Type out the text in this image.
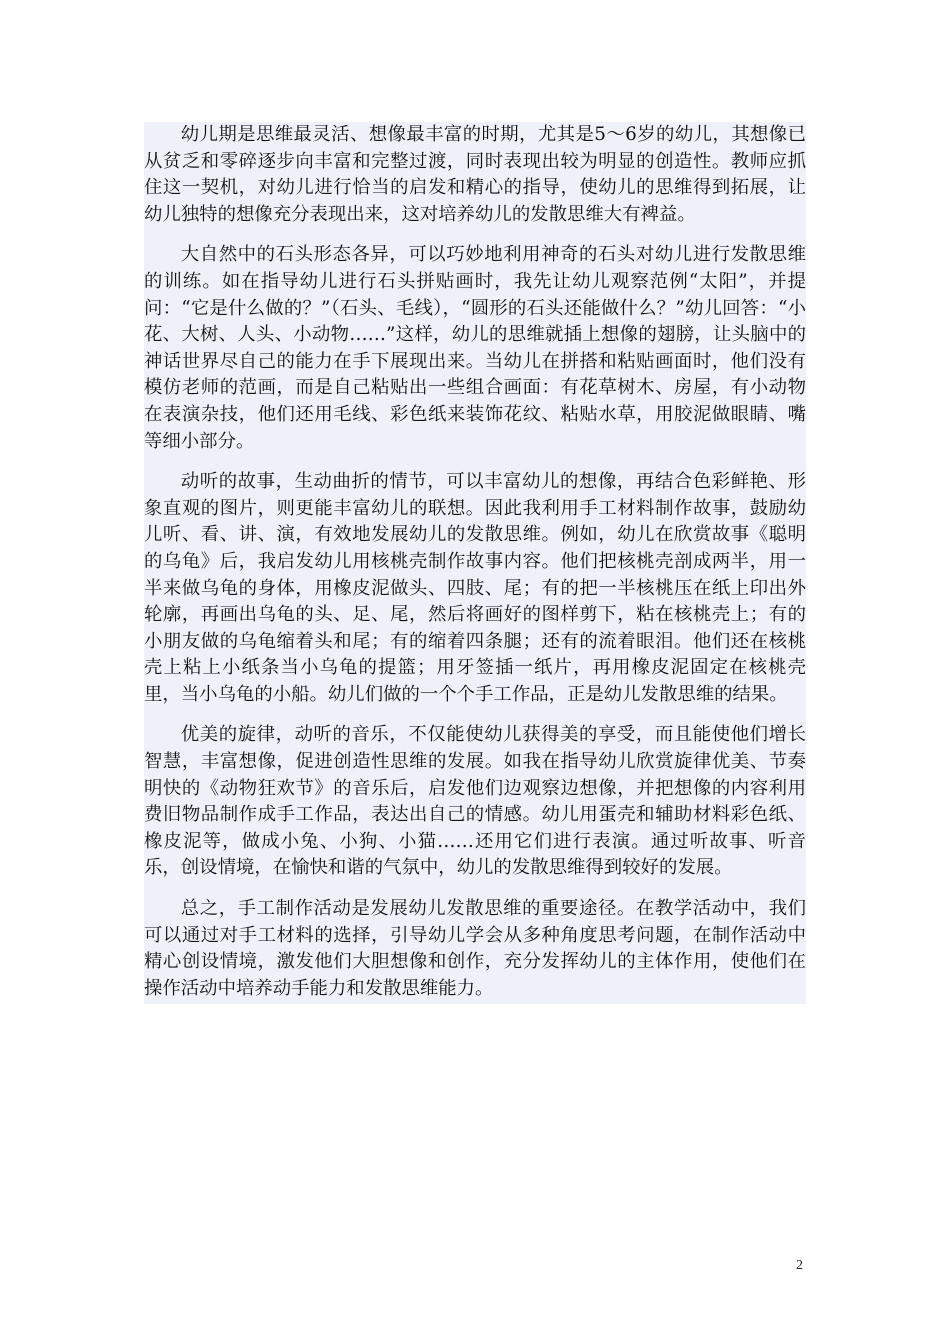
幼儿期是思维最灵活、想像最丰富的时期，尤其是5～6岁的幼儿，其想像已从贫乏和零碎逐步向丰富和完整过渡，同时表现出较为明显的创造性。教师应抓住这一契机，对幼儿进行恰当的启发和精心的指导，使幼儿的思维得到拓展，让幼儿独特的想像充分表现出来，这对培养幼儿的发散思维大有裨益。

大自然中的石头形态各异，可以巧妙地利用神奇的石头对幼儿进行发散思维的训练。如在指导幼儿进行石头拼贴画时，我先让幼儿观察范例“太阳”，并提问：“它是什么做的？”（石头、毛线），“圆形的石头还能做什么？”幼儿回答：“小花、大树、人头、小动物……”这样，幼儿的思维就插上想像的翅膀，让头脑中的神话世界尽自己的能力在手下展现出来。当幼儿在拼搭和粘贴画面时，他们没有模仿老师的范画，而是自己粘贴出一些组合画面：有花草树木、房屋，有小动物在表演杂技，他们还用毛线、彩色纸来装饰花纹、粘贴水草，用胶泥做眼睛、嘴等细小部分。

动听的故事，生动曲折的情节，可以丰富幼儿的想像，再结合色彩鲜艳、形象直观的图片，则更能丰富幼儿的联想。因此我利用手工材料制作故事，鼓励幼儿听、看、讲、演，有效地发展幼儿的发散思维。例如，幼儿在欣赏故事《聪明的乌龟》后，我启发幼儿用核桃壳制作故事内容。他们把核桃壳剖成两半，用一半来做乌龟的身体，用橡皮泥做头、四肢、尾；有的把一半核桃压在纸上印出外轮廓，再画出乌龟的头、足、尾，然后将画好的图样剪下，粘在核桃壳上；有的小朋友做的乌龟缩着头和尾；有的缩着四条腿；还有的流着眼泪。他们还在核桃壳上粘上小纸条当小乌龟的提篮；用牙签插一纸片，再用橡皮泥固定在核桃壳里，当小乌龟的小船。幼儿们做的一个个手工作品，正是幼儿发散思维的结果。

优美的旋律，动听的音乐，不仅能使幼儿获得美的享受，而且能使他们增长智慧，丰富想像，促进创造性思维的发展。如我在指导幼儿欣赏旋律优美、节奏明快的《动物狂欢节》的音乐后，启发他们边观察边想像，并把想像的内容利用费旧物品制作成手工作品，表达出自己的情感。幼儿用蛋壳和辅助材料彩色纸、橡皮泥等，做成小兔、小狗、小猫……还用它们进行表演。通过听故事、听音乐，创设情境，在愉快和谐的气氛中，幼儿的发散思维得到较好的发展。

总之，手工制作活动是发展幼儿发散思维的重要途径。在教学活动中，我们可以通过对手工材料的选择，引导幼儿学会从多种角度思考问题，在制作活动中精心创设情境，激发他们大胆想像和创作，充分发挥幼儿的主体作用，使他们在操作活动中培养动手能力和发散思维能力。

2
